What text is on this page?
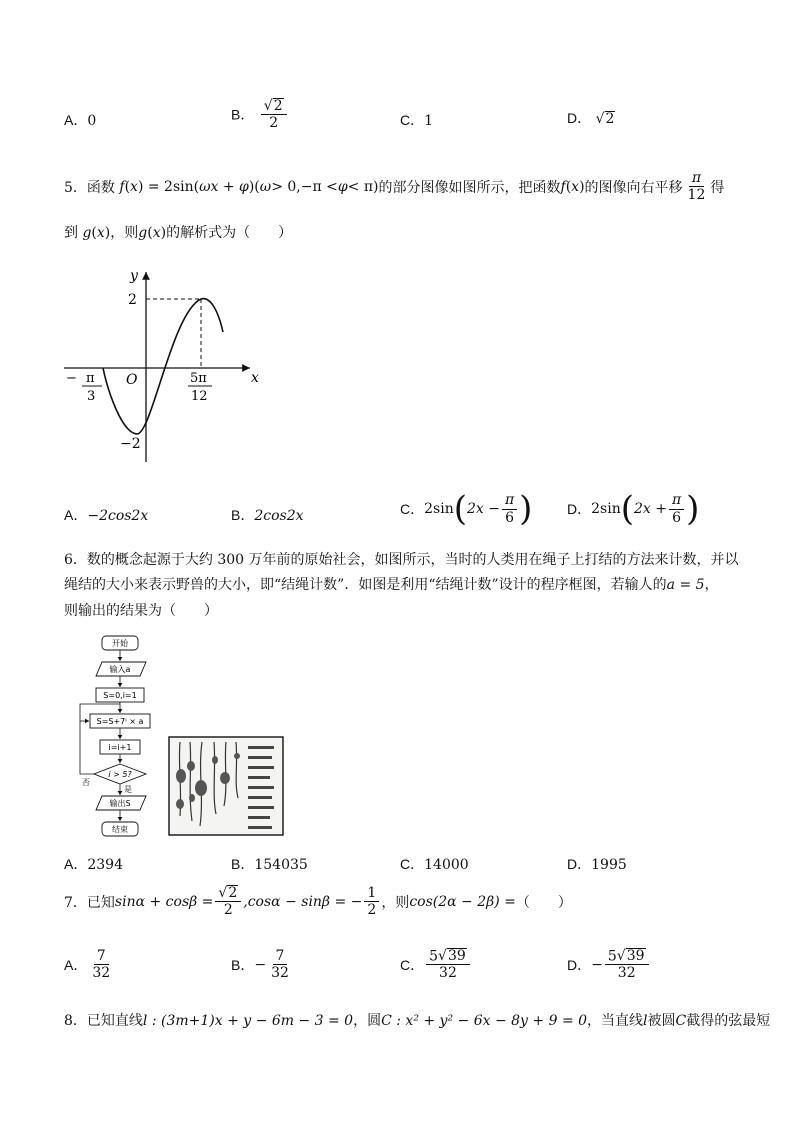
A．0	B． $\frac{√ 2}{2}$	C．1	D． √ 2
5． 函数 f ( x ) = 2sin( ωx + φ )( ω > 0,−π < φ < π) 的部分图像如图所示，把函数 f ( x ) 的图像向右平移 $\frac{\pi}{12}$ 得
到 g(x)，则g(x)的解析式为（　　）
y
x
O
2
−2
− π
3
5π
12
A．−2cos2x	B．2cos2x	C． 2sin ( $2x - \frac{\pi}{6}$ ) D． 2sin ( $2x + \frac{\pi}{6}$ )
6．数的概念起源于大约 300 万年前的原始社会，如图所示，当时的人类用在绳子上打结的方法来计数，并以
绳结的大小来表示野兽的大小，即“结绳计数”．如图是利用“结绳计数”设计的程序框图，若输人的a = 5，
则输出的结果为（　　）
开始
输入a
S=0,i=1
S=S+7ⁱ × a
i=i+1
i > 5?
否
是
输出S
结束
A．2394	B．154035	C．14000	D．1995
7． 已知 $\sin\alpha + \cos\beta = \frac{√ 2}{2} ,\cos\alpha - \sin\beta$ = − $\frac{1}{2}$ ，则 cos(2α − 2β) = （　　）
A． $\frac{7}{32}$	B． − $\frac{7}{32}$	C． $\frac{5√ 39}{32}$	D． − $\frac{5√ 39}{32}$
8．已知直线l : (3m+1)x + y − 6m − 3 = 0，圆C : x² + y² − 6x − 8y + 9 = 0，当直线l被圆C截得的弦最短
